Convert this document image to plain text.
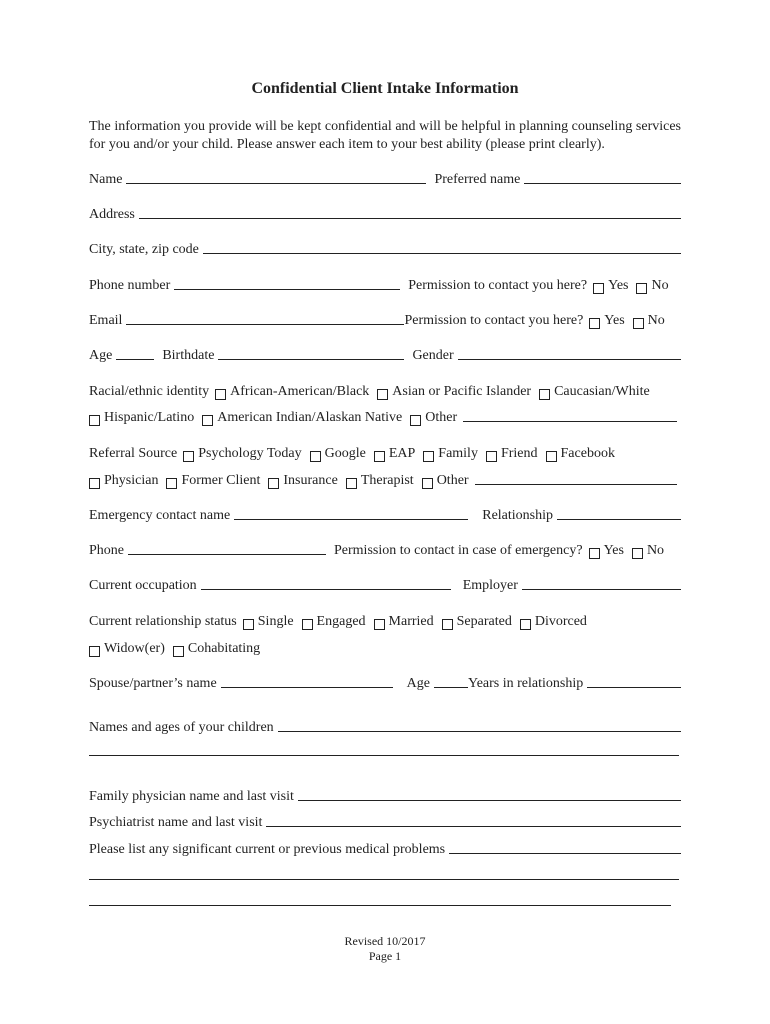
Confidential Client Intake Information
The information you provide will be kept confidential and will be helpful in planning counseling services for you and/or your child. Please answer each item to your best ability (please print clearly).
Name	Preferred name
Address
City, state, zip code
Phone number	Permission to contact you here? Yes	No
Email	Permission to contact you here? Yes	No
Age	Birthdate	Gender
Racial/ethnic identity African-American/Black	Asian or Pacific Islander	Caucasian/White
Hispanic/Latino	American Indian/Alaskan Native	Other
Referral Source Psychology Today	Google	EAP	Family	Friend	Facebook
Physician	Former Client	Insurance	Therapist	Other
Emergency contact name	Relationship
Phone	Permission to contact in case of emergency? Yes	No
Current occupation	Employer
Current relationship status Single	Engaged	Married	Separated	Divorced
Widow(er)	Cohabitating
Spouse/partner’s name	Age	Years in relationship
Names and ages of your children
Family physician name and last visit
Psychiatrist name and last visit
Please list any significant current or previous medical problems
Revised 10/2017
Page 1
